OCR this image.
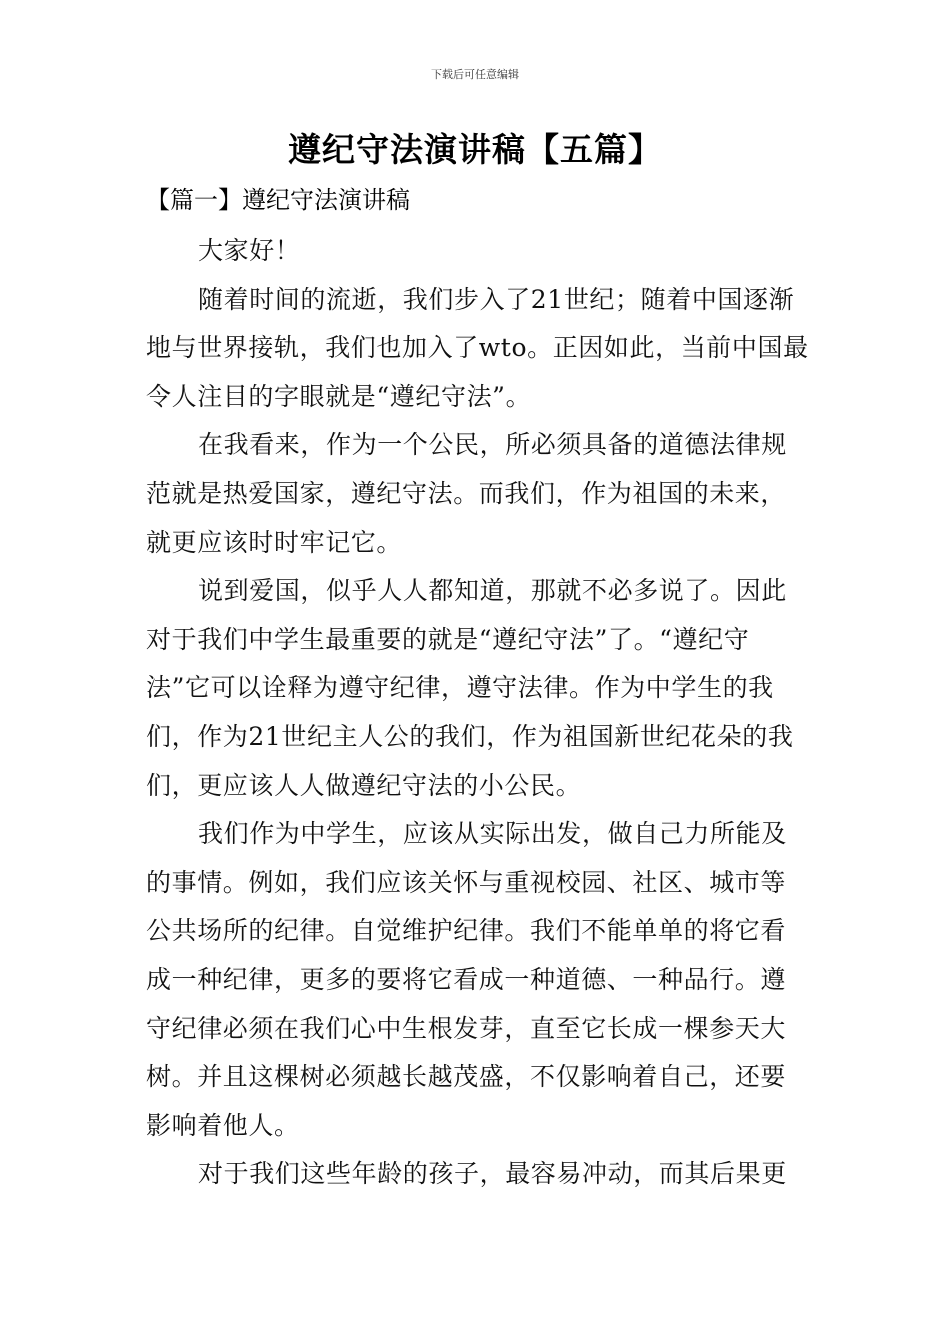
下载后可任意编辑
遵纪守法演讲稿【五篇】
【篇一】遵纪守法演讲稿

大家好！

随着时间的流逝，我们步入了21世纪；随着中国逐渐
地与世界接轨，我们也加入了wto。正因如此，当前中国最
令人注目的字眼就是“遵纪守法”。

在我看来，作为一个公民，所必须具备的道德法律规
范就是热爱国家，遵纪守法。而我们，作为祖国的未来，
就更应该时时牢记它。

说到爱国，似乎人人都知道，那就不必多说了。因此
对于我们中学生最重要的就是“遵纪守法”了。“遵纪守
法”它可以诠释为遵守纪律，遵守法律。作为中学生的我
们，作为21世纪主人公的我们，作为祖国新世纪花朵的我
们，更应该人人做遵纪守法的小公民。

我们作为中学生，应该从实际出发，做自己力所能及
的事情。例如，我们应该关怀与重视校园、社区、城市等
公共场所的纪律。自觉维护纪律。我们不能单单的将它看
成一种纪律，更多的要将它看成一种道德、一种品行。遵
守纪律必须在我们心中生根发芽，直至它长成一棵参天大
树。并且这棵树必须越长越茂盛，不仅影响着自己，还要
影响着他人。

对于我们这些年龄的孩子，最容易冲动，而其后果更
